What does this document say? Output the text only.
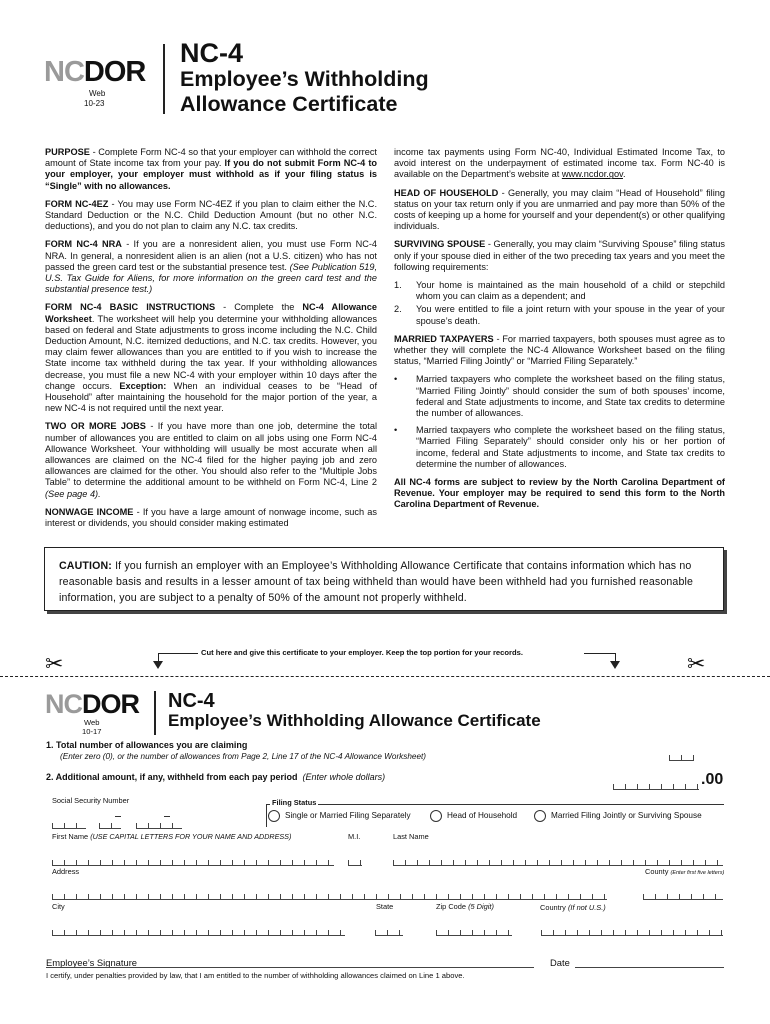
NCDOR
Web
10-23
NC-4
Employee’s Withholding
Allowance Certificate

PURPOSE - Complete Form NC-4 so that your employer can withhold the correct amount of State income tax from your pay. If you do not submit Form NC-4 to your employer, your employer must withhold as if your filing status is “Single” with no allowances.

FORM NC-4EZ - You may use Form NC-4EZ if you plan to claim either the N.C. Standard Deduction or the N.C. Child Deduction Amount (but no other N.C. deductions), and you do not plan to claim any N.C. tax credits.

FORM NC-4 NRA - If you are a nonresident alien, you must use Form NC-4 NRA. In general, a nonresident alien is an alien (not a U.S. citizen) who has not passed the green card test or the substantial presence test. (See Publication 519, U.S. Tax Guide for Aliens, for more information on the green card test and the substantial presence test.)

FORM NC-4 BASIC INSTRUCTIONS - Complete the NC-4 Allowance Worksheet. The worksheet will help you determine your withholding allowances based on federal and State adjustments to gross income including the N.C. Child Deduction Amount, N.C. itemized deductions, and N.C. tax credits. However, you may claim fewer allowances than you are entitled to if you wish to increase the State income tax withheld during the tax year. If your withholding allowances decrease, you must file a new NC-4 with your employer within 10 days after the change occurs. Exception: When an individual ceases to be “Head of Household” after maintaining the household for the major portion of the year, a new NC-4 is not required until the next year.

TWO OR MORE JOBS - If you have more than one job, determine the total number of allowances you are entitled to claim on all jobs using one Form NC-4 Allowance Worksheet. Your withholding will usually be most accurate when all allowances are claimed on the NC-4 filed for the higher paying job and zero allowances are claimed for the other. You should also refer to the “Multiple Jobs Table” to determine the additional amount to be withheld on Form NC-4, Line 2 (See page 4).

NONWAGE INCOME - If you have a large amount of nonwage income, such as interest or dividends, you should consider making estimated

income tax payments using Form NC-40, Individual Estimated Income Tax, to avoid interest on the underpayment of estimated income tax. Form NC-40 is available on the Department’s website at www.ncdor.gov.

HEAD OF HOUSEHOLD - Generally, you may claim “Head of Household” filing status on your tax return only if you are unmarried and pay more than 50% of the costs of keeping up a home for yourself and your dependent(s) or other qualifying individuals.

SURVIVING SPOUSE - Generally, you may claim “Surviving Spouse” filing status only if your spouse died in either of the two preceding tax years and you meet the following requirements:

1. Your home is maintained as the main household of a child or stepchild whom you can claim as a dependent; and
2. You were entitled to file a joint return with your spouse in the year of your spouse’s death.

MARRIED TAXPAYERS - For married taxpayers, both spouses must agree as to whether they will complete the NC-4 Allowance Worksheet based on the filing status, “Married Filing Jointly” or “Married Filing Separately.”

• Married taxpayers who complete the worksheet based on the filing status, “Married Filing Jointly” should consider the sum of both spouses’ income, federal and State adjustments to income, and State tax credits to determine the number of allowances.
• Married taxpayers who complete the worksheet based on the filing status, “Married Filing Separately” should consider only his or her portion of income, federal and State adjustments to income, and State tax credits to determine the number of allowances.

All NC-4 forms are subject to review by the North Carolina Department of Revenue. Your employer may be required to send this form to the North Carolina Department of Revenue.

CAUTION: If you furnish an employer with an Employee’s Withholding Allowance Certificate that contains information which has no reasonable basis and results in a lesser amount of tax being withheld than would have been withheld had you furnished reasonable information, you are subject to a penalty of 50% of the amount not properly withheld.
Cut here and give this certificate to your employer. Keep the top portion for your records.
✂	✂
NCDOR
Web
10-17
NC-4
Employee’s Withholding Allowance Certificate
1. Total number of allowances you are claiming
(Enter zero (0), or the number of allowances from Page 2, Line 17 of the NC-4 Allowance Worksheet)
2. Additional amount, if any, withheld from each pay period (Enter whole dollars)	.00
Social Security Number	Filing Status
Single or Married Filing Separately	Head of Household	Married Filing Jointly or Surviving Spouse
First Name (USE CAPITAL LETTERS FOR YOUR NAME AND ADDRESS)	M.I.	Last Name
Address	County (Enter first five letters)
City	State	Zip Code (5 Digit)	Country (If not U.S.)
Employee’s Signature	Date
I certify, under penalties provided by law, that I am entitled to the number of withholding allowances claimed on Line 1 above.
